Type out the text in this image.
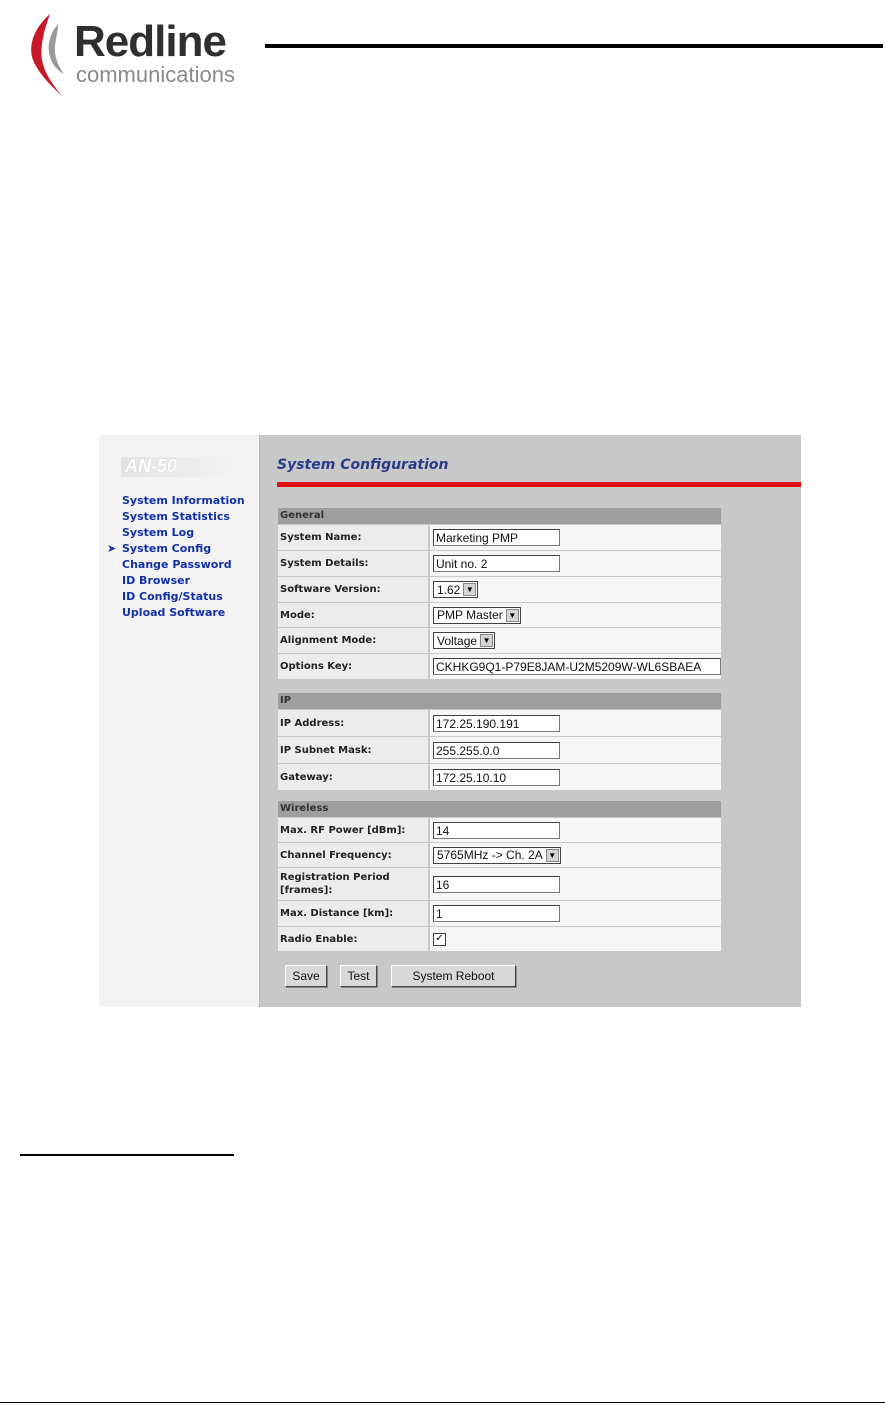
Redline
communications
AN-50
System Information
System Statistics
System Log
➤ System Config
Change Password
ID Browser
ID Config/Status
Upload Software
System Configuration
General
System Name:	Marketing PMP
System Details:	Unit no. 2
Software Version:	1.62 ▼
Mode:	PMP Master ▼
Alignment Mode:	Voltage ▼
Options Key:	CKHKG9Q1-P79E8JAM-U2M5209W-WL6SBAEA
IP
IP Address:	172.25.190.191
IP Subnet Mask:	255.255.0.0
Gateway:	172.25.10.10
Wireless
Max. RF Power [dBm]:	14
Channel Frequency:	5765MHz -> Ch. 2A ▼
Registration Period [frames]:	16
Max. Distance [km]:	1
Radio Enable:	✓
Save	Test	System Reboot
